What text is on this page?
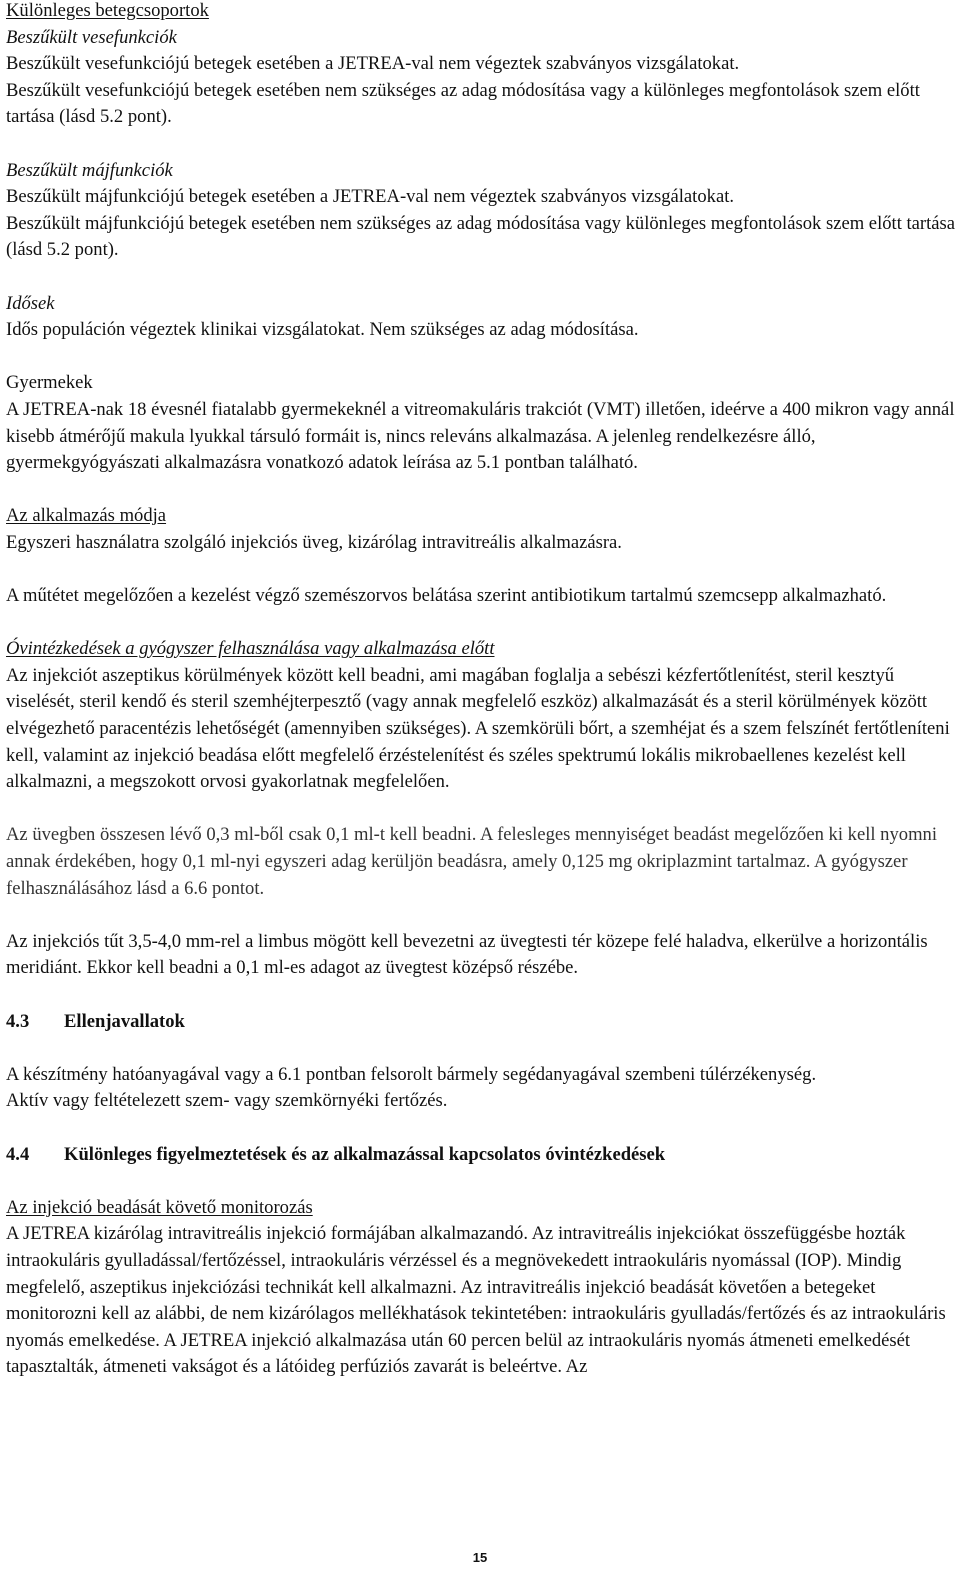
Különleges betegcsoportok

Beszűkült vesefunkciók

Beszűkült vesefunkciójú betegek esetében a JETREA-val nem végeztek szabványos vizsgálatokat.

Beszűkült vesefunkciójú betegek esetében nem szükséges az adag módosítása vagy a különleges megfontolások szem előtt tartása (lásd 5.2 pont).

Beszűkült májfunkciók

Beszűkült májfunkciójú betegek esetében a JETREA-val nem végeztek szabványos vizsgálatokat.

Beszűkült májfunkciójú betegek esetében nem szükséges az adag módosítása vagy különleges megfontolások szem előtt tartása (lásd 5.2 pont).

Idősek

Idős populáción végeztek klinikai vizsgálatokat. Nem szükséges az adag módosítása.

Gyermekek

A JETREA-nak 18 évesnél fiatalabb gyermekeknél a vitreomakuláris trakciót (VMT) illetően, ideérve a 400 mikron vagy annál kisebb átmérőjű makula lyukkal társuló formáit is, nincs releváns alkalmazása. A jelenleg rendelkezésre álló, gyermekgyógyászati alkalmazásra vonatkozó adatok leírása az 5.1 pontban található.

Az alkalmazás módja

Egyszeri használatra szolgáló injekciós üveg, kizárólag intravitreális alkalmazásra.

A műtétet megelőzően a kezelést végző szemészorvos belátása szerint antibiotikum tartalmú szemcsepp alkalmazható.

Óvintézkedések a gyógyszer felhasználása vagy alkalmazása előtt

Az injekciót aszeptikus körülmények között kell beadni, ami magában foglalja a sebészi kézfertőtlenítést, steril kesztyű viselését, steril kendő és steril szemhéjterpesztő (vagy annak megfelelő eszköz) alkalmazását és a steril körülmények között elvégezhető paracentézis lehetőségét (amennyiben szükséges). A szemkörüli bőrt, a szemhéjat és a szem felszínét fertőtleníteni kell, valamint az injekció beadása előtt megfelelő érzéstelenítést és széles spektrumú lokális mikrobaellenes kezelést kell alkalmazni, a megszokott orvosi gyakorlatnak megfelelően.

Az üvegben összesen lévő 0,3 ml-ből csak 0,1 ml-t kell beadni. A felesleges mennyiséget beadást megelőzően ki kell nyomni annak érdekében, hogy 0,1 ml-nyi egyszeri adag kerüljön beadásra, amely 0,125 mg okriplazmint tartalmaz. A gyógyszer felhasználásához lásd a 6.6 pontot.

Az injekciós tűt 3,5-4,0 mm-rel a limbus mögött kell bevezetni az üvegtesti tér közepe felé haladva, elkerülve a horizontális meridiánt. Ekkor kell beadni a 0,1 ml-es adagot az üvegtest középső részébe.

4.3	Ellenjavallatok

A készítmény hatóanyagával vagy a 6.1 pontban felsorolt bármely segédanyagával szembeni túlérzékenység.

Aktív vagy feltételezett szem- vagy szemkörnyéki fertőzés.

4.4	Különleges figyelmeztetések és az alkalmazással kapcsolatos óvintézkedések

Az injekció beadását követő monitorozás

A JETREA kizárólag intravitreális injekció formájában alkalmazandó. Az intravitreális injekciókat összefüggésbe hozták intraokuláris gyulladással/fertőzéssel, intraokuláris vérzéssel és a megnövekedett intraokuláris nyomással (IOP). Mindig megfelelő, aszeptikus injekciózási technikát kell alkalmazni. Az intravitreális injekció beadását követően a betegeket monitorozni kell az alábbi, de nem kizárólagos mellékhatások tekintetében: intraokuláris gyulladás/fertőzés és az intraokuláris nyomás emelkedése. A JETREA injekció alkalmazása után 60 percen belül az intraokuláris nyomás átmeneti emelkedését tapasztalták, átmeneti vakságot és a látóideg perfúziós zavarát is beleértve. Az

15
